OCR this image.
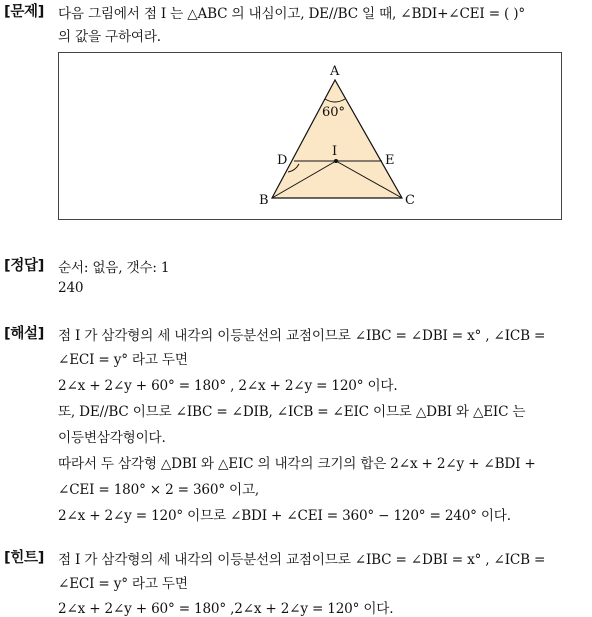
[문제] 다음 그림에서 점 I 는 △ABC 의 내심이고, DE//BC 일 때, ∠BDI+∠CEI = ( )°
의 값을 구하여라.
A
60°
D
I
E
B	C
[정답] 순서: 없음, 갯수: 1
240
[해설] 점 I 가 삼각형의 세 내각의 이등분선의 교점이므로 ∠IBC = ∠DBI = x° , ∠ICB =
∠ECI = y° 라고 두면
2∠x + 2∠y + 60° = 180° , 2∠x + 2∠y = 120° 이다.
또, DE//BC 이므로 ∠IBC = ∠DIB, ∠ICB = ∠EIC 이므로 △DBI 와 △EIC 는
이등변삼각형이다.
따라서 두 삼각형 △DBI 와 △EIC 의 내각의 크기의 합은 2∠x + 2∠y + ∠BDI +
∠CEI = 180° × 2 = 360° 이고,
2∠x + 2∠y = 120° 이므로 ∠BDI + ∠CEI = 360° − 120° = 240° 이다.
[힌트] 점 I 가 삼각형의 세 내각의 이등분선의 교점이므로 ∠IBC = ∠DBI = x° , ∠ICB =
∠ECI = y° 라고 두면
2∠x + 2∠y + 60° = 180° ,2∠x + 2∠y = 120° 이다.
